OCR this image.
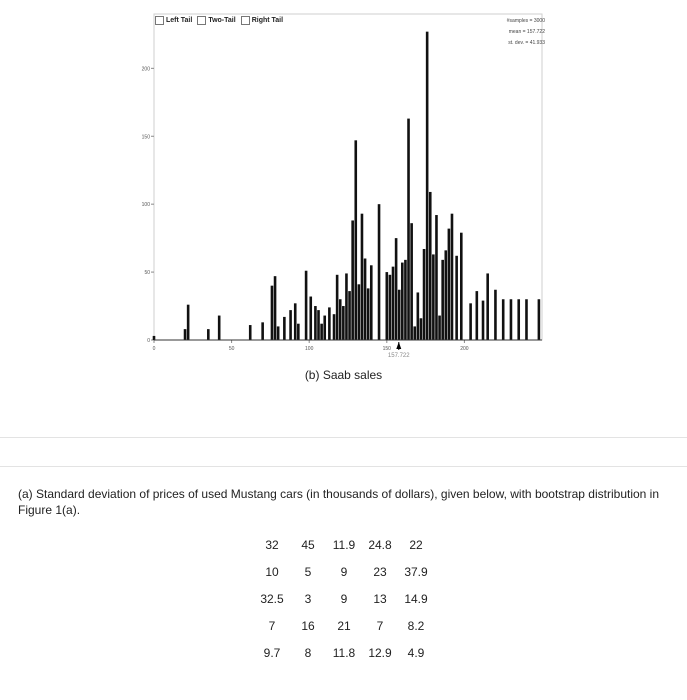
0
50
100
150
200
0	50	100	150	200
157.722
Left Tail Two-Tail Right Tail	#samples = 3000
mean = 157.722
st. dev. = 41.933
(b) Saab sales
(a) Standard deviation of prices of used Mustang cars (in thousands of dollars), given below, with bootstrap distribution in Figure 1(a).
32	45	11.9	24.8	22
10	5	9	23	37.9
32.5	3	9	13	14.9
7	16	21	7	8.2
9.7	8	11.8	12.9	4.9
